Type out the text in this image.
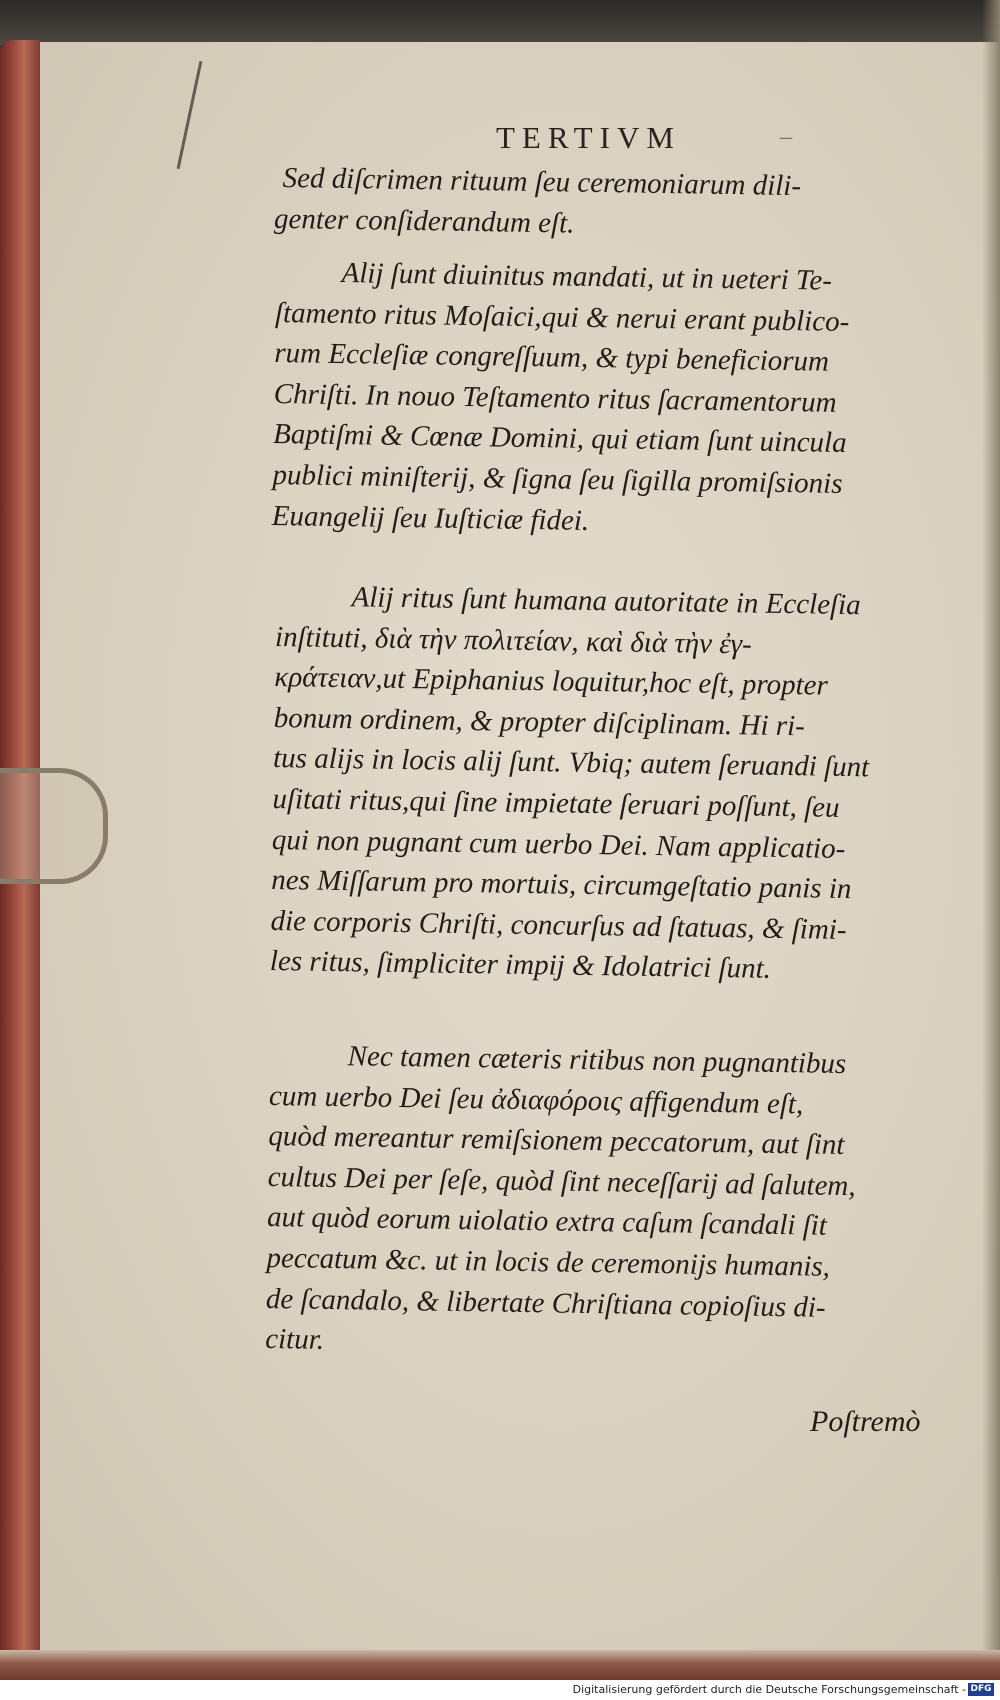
TERTIVM	–
Sed diſcrimen rituum ſeu ceremoniarum dili-
genter conſiderandum eſt.
Alij ſunt diuinitus mandati, ut in ueteri Te-
ſtamento ritus Moſaici,qui & nerui erant publico-
rum Eccleſiæ congreſſuum, & typi beneficiorum
Chriſti. In nouo Teſtamento ritus ſacramentorum
Baptiſmi & Cœnæ Domini, qui etiam ſunt uincula
publici miniſterij, & ſigna ſeu ſigilla promiſsionis
Euangelij ſeu Iuſticiæ fidei.
Alij ritus ſunt humana autoritate in Eccleſia
inſtituti, διὰ τὴν πολιτείαν, καὶ διὰ τὴν ἐγ-
κράτειαν,ut Epiphanius loquitur,hoc eſt, propter
bonum ordinem, & propter diſciplinam. Hi ri-
tus alijs in locis alij ſunt. Vbiq; autem ſeruandi ſunt
uſitati ritus,qui ſine impietate ſeruari poſſunt, ſeu
qui non pugnant cum uerbo Dei. Nam applicatio-
nes Miſſarum pro mortuis, circumgeſtatio panis in
die corporis Chriſti, concurſus ad ſtatuas, & ſimi-
les ritus, ſimpliciter impij & Idolatrici ſunt.
Nec tamen cæteris ritibus non pugnantibus
cum uerbo Dei ſeu ἀδιαφόροις affigendum eſt,
quòd mereantur remiſsionem peccatorum, aut ſint
cultus Dei per ſeſe, quòd ſint neceſſarij ad ſalutem,
aut quòd eorum uiolatio extra caſum ſcandali ſit
peccatum &c. ut in locis de ceremonijs humanis,
de ſcandalo, & libertate Chriſtiana copioſius di-
citur.
Poſtremò
Digitalisierung gefördert durch die Deutsche Forschungsgemeinschaft - DFG
